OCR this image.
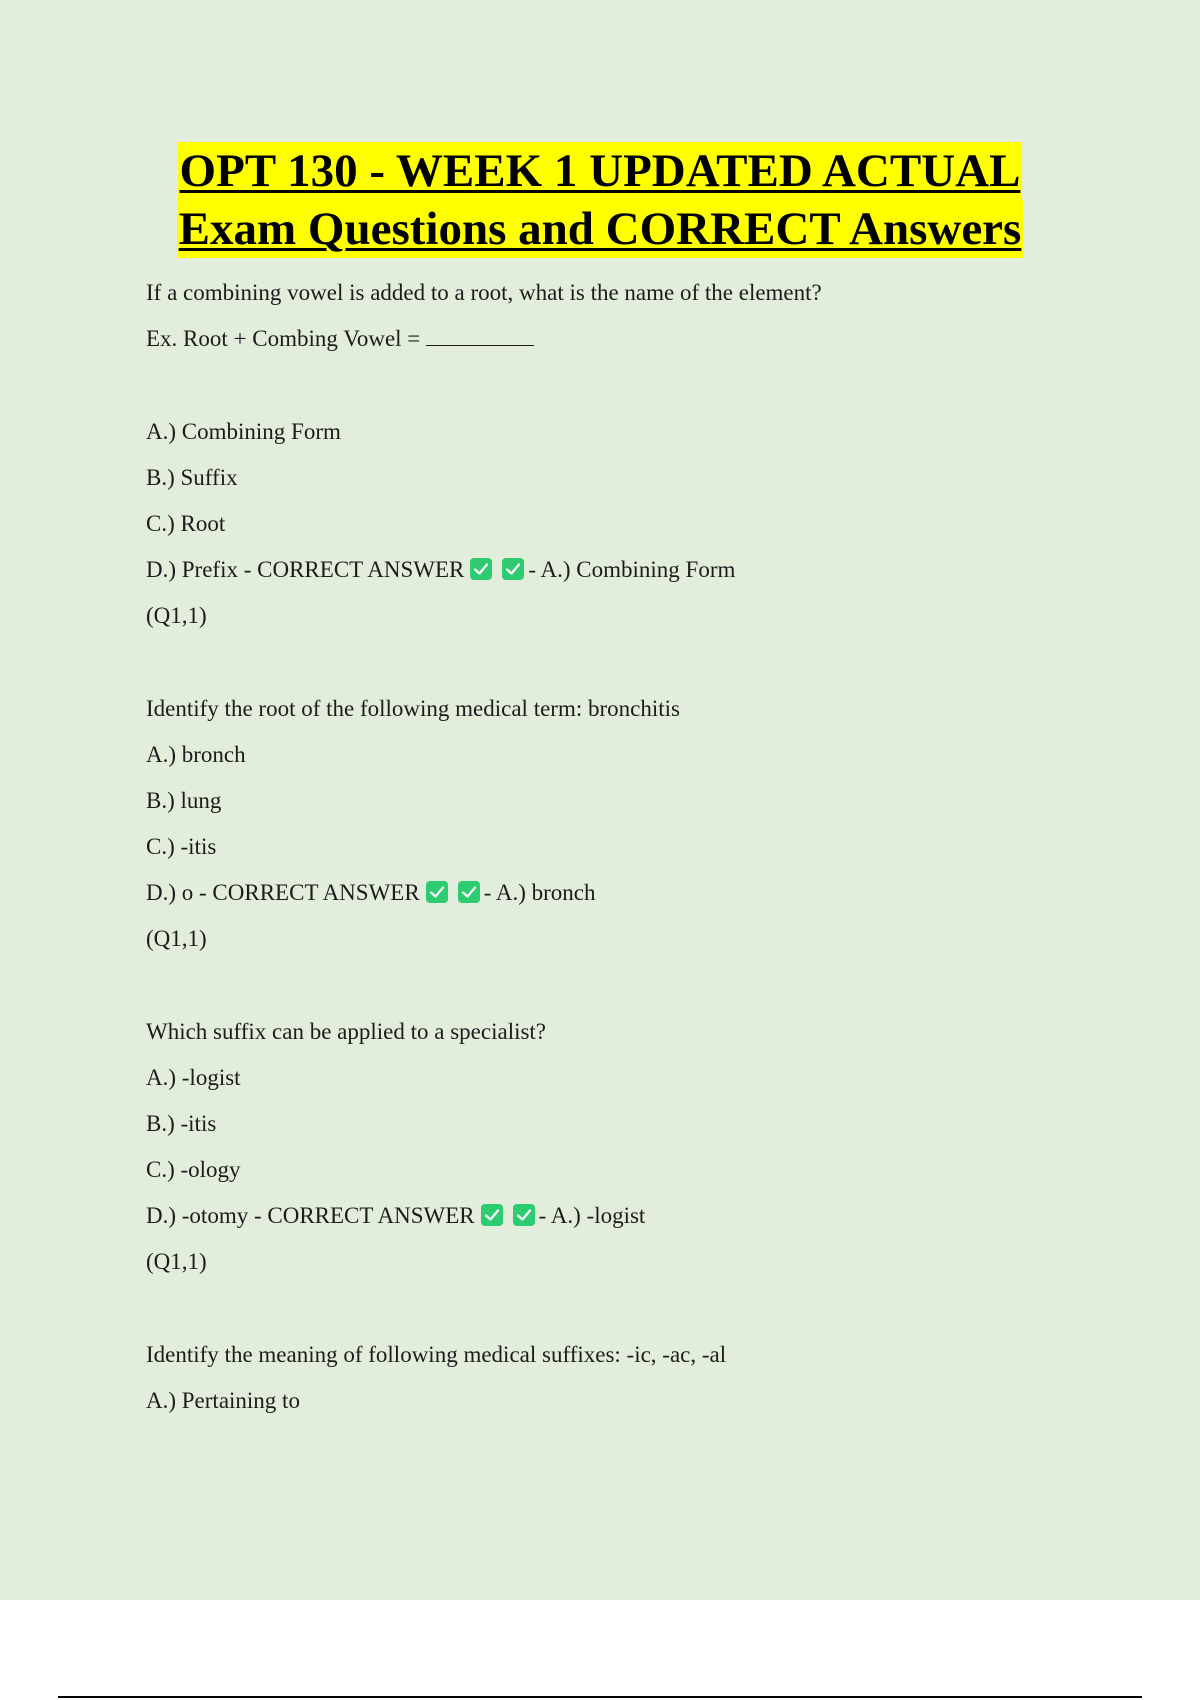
OPT 130 - WEEK 1 UPDATED ACTUAL
Exam Questions and CORRECT Answers
If a combining vowel is added to a root, what is the name of the element?
Ex. Root + Combing Vowel =
A.) Combining Form
B.) Suffix
C.) Root
D.) Prefix - CORRECT ANSWER	- A.) Combining Form
(Q1,1)
Identify the root of the following medical term: bronchitis
A.) bronch
B.) lung
C.) -itis
D.) o - CORRECT ANSWER	- A.) bronch
(Q1,1)
Which suffix can be applied to a specialist?
A.) -logist
B.) -itis
C.) -ology
D.) -otomy - CORRECT ANSWER	- A.) -logist
(Q1,1)
Identify the meaning of following medical suffixes: -ic, -ac, -al
A.) Pertaining to
